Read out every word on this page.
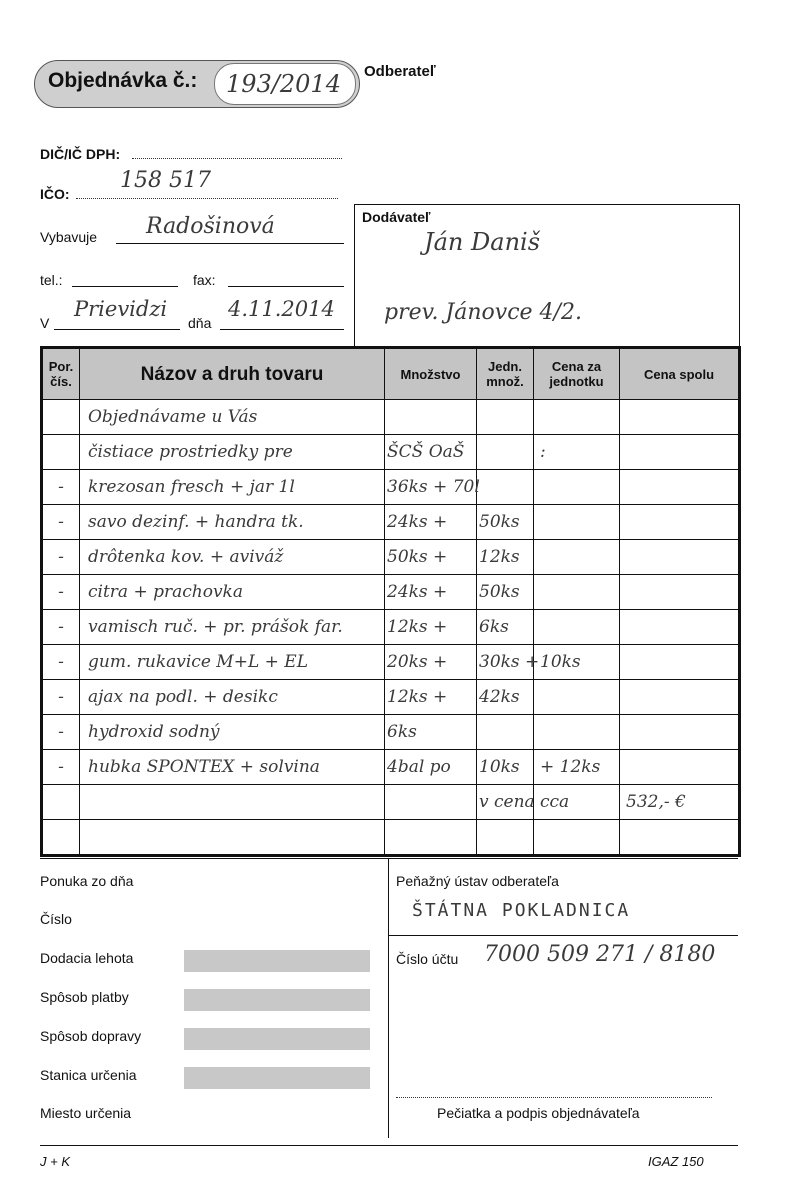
Objednávka č.: 193/2014 Odberateľ
DIČ/IČ DPH:
IČO:
158 517
Vybavuje Radošinová
tel.:	fax:
V
Prievidzi
dňa
4.11.2014
Dodávateľ
Ján Daniš
prev. Jánovce 4/2.
Por. čís.	Názov a druh tovaru	Množstvo	Jedn. množ.	Cena za jednotku	Cena spolu
	Objednávame u Vás				
	čistiace prostriedky pre	ŠCŠ OaŠ		:	
-	krezosan fresch + jar 1l	36ks + 70l			
-	savo dezinf. + handra tk.	24ks +	50ks		
-	drôtenka kov. + aviváž	50ks +	12ks		
-	citra + prachovka	24ks +	50ks		
-	vamisch ruč. + pr. prášok far.	12ks +	6ks		
-	gum. rukavice M+L + EL	20ks +	30ks +	10ks	
-	ajax na podl. + desikc	12ks +	42ks		
-	hydroxid sodný	6ks			
-	hubka SPONTEX + solvina	4bal po	10ks	+ 12ks	
			v cena	cca	532,- €

Ponuka zo dňa
Číslo
Dodacia lehota
Spôsob platby
Spôsob dopravy
Stanica určenia
Miesto určenia
Peňažný ústav odberateľa
ŠTÁTNA POKLADNICA
Číslo účtu 7000 509 271 / 8180
Pečiatka a podpis objednávateľa
J + K	IGAZ 150
